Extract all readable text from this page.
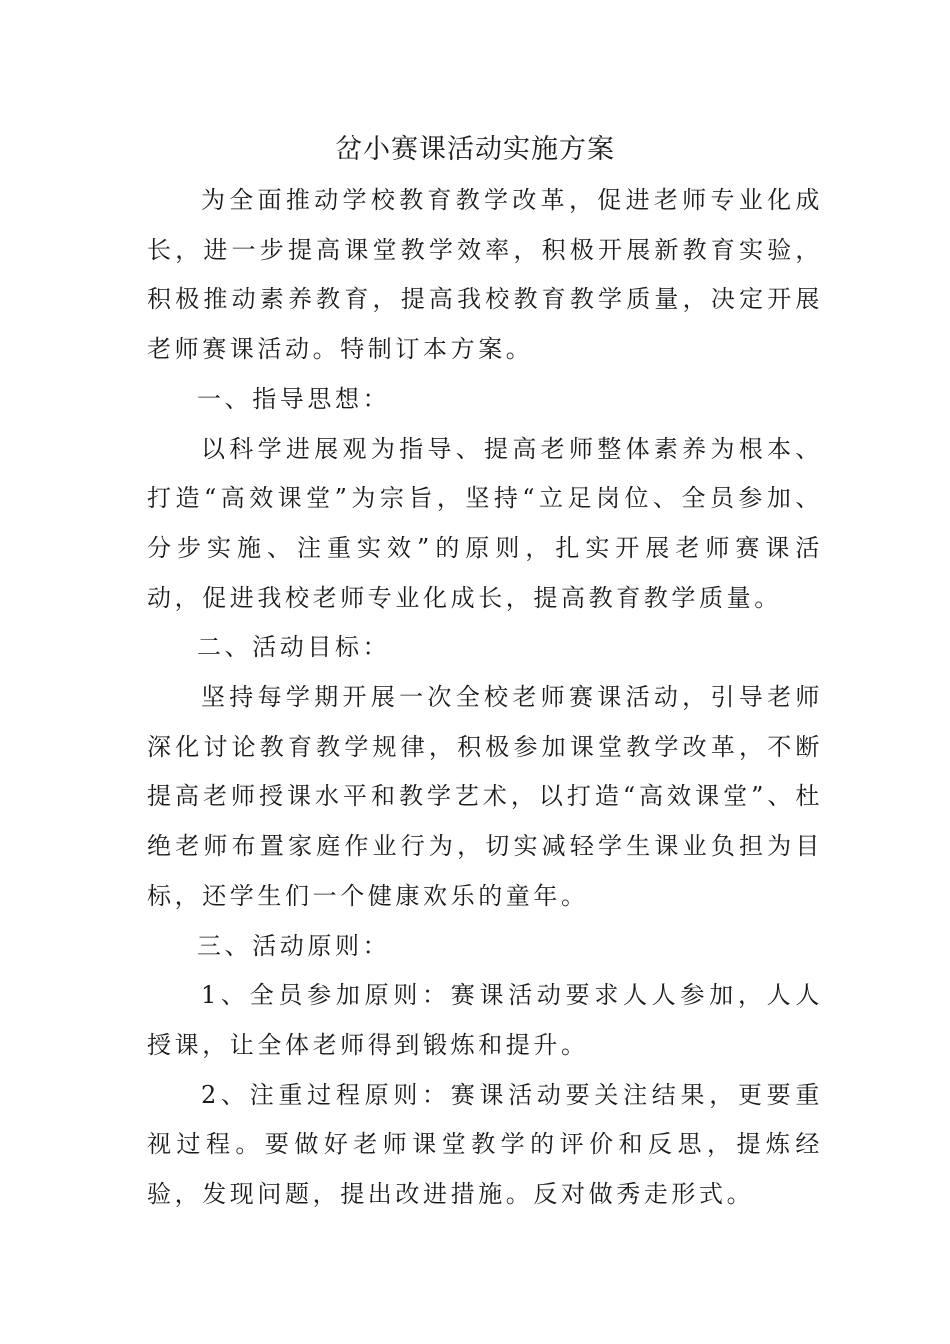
岔小赛课活动实施方案

为全面推动学校教育教学改革，促进老师专业化成长，进一步提高课堂教学效率，积极开展新教育实验，积极推动素养教育，提高我校教育教学质量，决定开展老师赛课活动。特制订本方案。

一、指导思想：

以科学进展观为指导、提高老师整体素养为根本、打造“高效课堂”为宗旨，坚持“立足岗位、全员参加、分步实施、注重实效”的原则，扎实开展老师赛课活动，促进我校老师专业化成长，提高教育教学质量。

二、活动目标：

坚持每学期开展一次全校老师赛课活动，引导老师深化讨论教育教学规律，积极参加课堂教学改革，不断提高老师授课水平和教学艺术，以打造“高效课堂”、杜绝老师布置家庭作业行为，切实减轻学生课业负担为目标，还学生们一个健康欢乐的童年。

三、活动原则：

1、全员参加原则：赛课活动要求人人参加，人人授课，让全体老师得到锻炼和提升。

2、注重过程原则：赛课活动要关注结果，更要重视过程。要做好老师课堂教学的评价和反思，提炼经验，发现问题，提出改进措施。反对做秀走形式。
